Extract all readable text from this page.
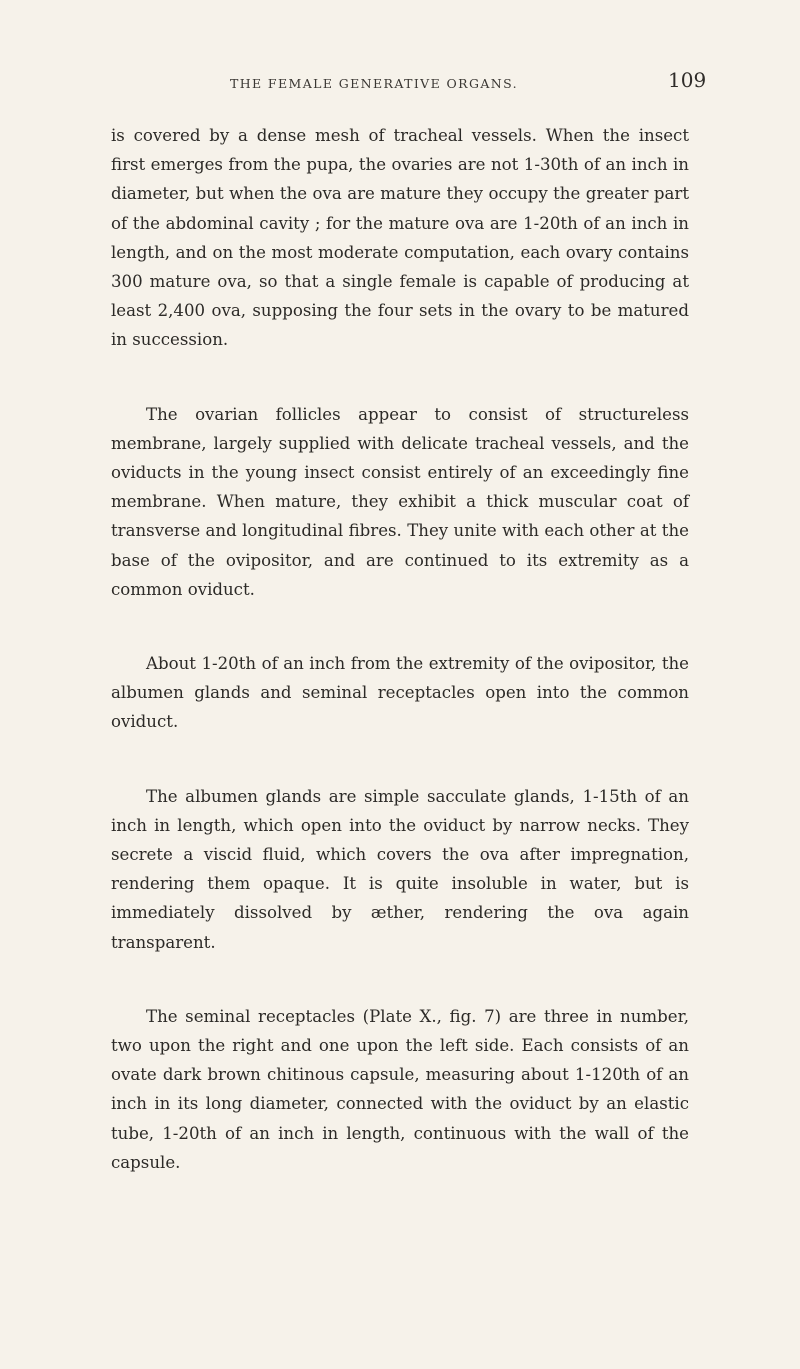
THE FEMALE GENERATIVE ORGANS.	109

is covered by a dense mesh of tracheal vessels. When the insect first emerges from the pupa, the ovaries are not 1-30th of an inch in diameter, but when the ova are mature they occupy the greater part of the abdominal cavity ; for the mature ova are 1-20th of an inch in length, and on the most moderate computation, each ovary contains 300 mature ova, so that a single female is capable of producing at least 2,400 ova, supposing the four sets in the ovary to be matured in succession.

The ovarian follicles appear to consist of structureless membrane, largely supplied with delicate tracheal vessels, and the oviducts in the young insect consist entirely of an exceedingly fine membrane. When mature, they exhibit a thick muscular coat of transverse and longitudinal fibres. They unite with each other at the base of the ovipositor, and are continued to its extremity as a common oviduct.

About 1-20th of an inch from the extremity of the ovipositor, the albumen glands and seminal receptacles open into the common oviduct.

The albumen glands are simple sacculate glands, 1-15th of an inch in length, which open into the oviduct by narrow necks. They secrete a viscid fluid, which covers the ova after impregnation, rendering them opaque. It is quite insoluble in water, but is immediately dissolved by æther, rendering the ova again transparent.

The seminal receptacles (Plate X., fig. 7) are three in number, two upon the right and one upon the left side. Each consists of an ovate dark brown chitinous capsule, measuring about 1-120th of an inch in its long diameter, connected with the oviduct by an elastic tube, 1-20th of an inch in length, continuous with the wall of the capsule.
